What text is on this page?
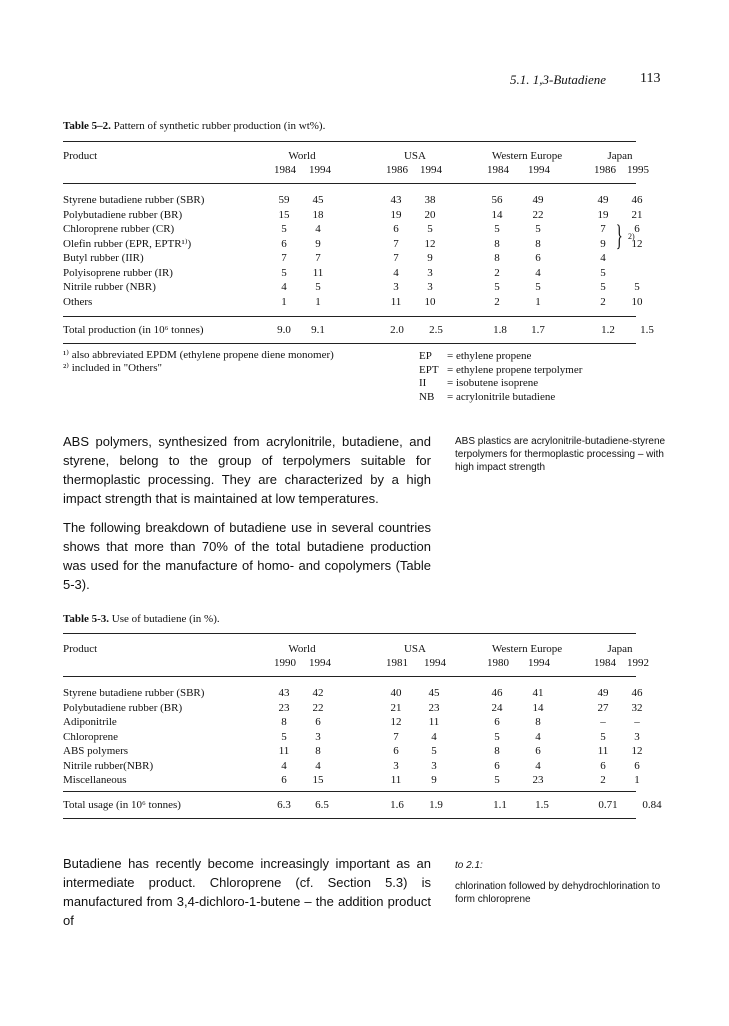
5.1. 1,3-Butadiene 113
Table 5–2. Pattern of synthetic rubber production (in wt%).
Product	World	USA	Western Europe	Japan
1984	1994	1986	1994	1984	1994	1986	1995
Styrene butadiene rubber (SBR)	59	45	43	38	56	49	49	46
Polybutadiene rubber (BR)	15	18	19	20	14	22	19	21
Chloroprene rubber (CR)	5	4	6	5	5	5	7	6
Olefin rubber (EPR, EPTR¹⁾)	6	9	7	12	8	8	9	12
Butyl rubber (IIR)	7	7	7	9	8	6	4
Polyisoprene rubber (IR)	5	11	4	3	2	4	5
Nitrile rubber (NBR)	4	5	3	3	5	5	5	5
Others	1	1	11	10	2	1	2	10
} 2)
Total production (in 10⁶ tonnes)	9.0	9.1	2.0	2.5	1.8	1.7	1.2	1.5
¹⁾ also abbreviated EPDM (ethylene propene diene monomer)
²⁾ included in "Others"
EP = ethylene propene
EPT = ethylene propene terpolymer
II = isobutene isoprene
NB = acrylonitrile butadiene
ABS polymers, synthesized from acrylonitrile, butadiene, and styrene, belong to the group of terpolymers suitable for thermoplastic processing. They are characterized by a high impact strength that is maintained at low temperatures.
ABS plastics are acrylonitrile-butadiene-styrene terpolymers for thermoplastic processing – with high impact strength
The following breakdown of butadiene use in several countries shows that more than 70% of the total butadiene production was used for the manufacture of homo- and copolymers (Table 5-3).
Table 5-3. Use of butadiene (in %).
Product	World	USA	Western Europe	Japan
1990	1994	1981	1994	1980	1994	1984	1992
Styrene butadiene rubber (SBR)	43	42	40	45	46	41	49	46
Polybutadiene rubber (BR)	23	22	21	23	24	14	27	32
Adiponitrile	8	6	12	11	6	8	–	–
Chloroprene	5	3	7	4	5	4	5	3
ABS polymers	11	8	6	5	8	6	11	12
Nitrile rubber(NBR)	4	4	3	3	6	4	6	6
Miscellaneous	6	15	11	9	5	23	2	1
Total usage (in 10⁶ tonnes)	6.3	6.5	1.6	1.9	1.1	1.5	0.71	0.84
Butadiene has recently become increasingly important as an intermediate product. Chloroprene (cf. Section 5.3) is manufactured from 3,4-dichloro-1-butene – the addition product of
to 2.1:
chlorination followed by dehydrochlorination to form chloroprene
